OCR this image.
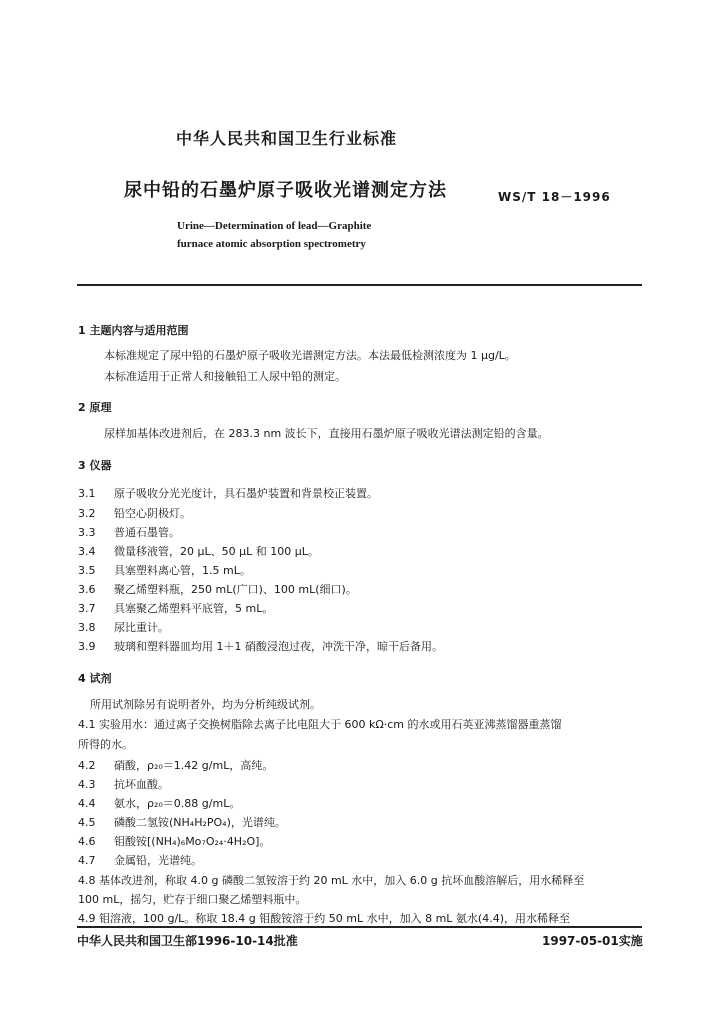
中华人民共和国卫生行业标准
尿中铅的石墨炉原子吸收光谱测定方法	WS/T 18－1996
Urine—Determination of lead—Graphite
furnace atomic absorption spectrometry
1 主题内容与适用范围
本标准规定了尿中铅的石墨炉原子吸收光谱测定方法。本法最低检测浓度为 1 μg/L。
本标准适用于正常人和接触铅工人尿中铅的测定。
2 原理
尿样加基体改进剂后，在 283.3 nm 波长下，直接用石墨炉原子吸收光谱法测定铅的含量。
3 仪器
3.1 原子吸收分光光度计，具石墨炉装置和背景校正装置。
3.2 铅空心阴极灯。
3.3 普通石墨管。
3.4 微量移液管，20 μL、50 μL 和 100 μL。
3.5 具塞塑料离心管，1.5 mL。
3.6 聚乙烯塑料瓶，250 mL(广口)、100 mL(细口)。
3.7 具塞聚乙烯塑料平底管，5 mL。
3.8 尿比重计。
3.9 玻璃和塑料器皿均用 1＋1 硝酸浸泡过夜，冲洗干净，晾干后备用。
4 试剂
所用试剂除另有说明者外，均为分析纯级试剂。
4.1 实验用水：通过离子交换树脂除去离子比电阻大于 600 kΩ·cm 的水或用石英亚沸蒸馏器重蒸馏
所得的水。
4.2 硝酸，ρ₂₀＝1.42 g/mL，高纯。
4.3 抗坏血酸。
4.4 氨水，ρ₂₀＝0.88 g/mL。
4.5 磷酸二氢铵(NH₄H₂PO₄)，光谱纯。
4.6 钼酸铵[(NH₄)₆Mo₇O₂₄·4H₂O]。
4.7 金属铅，光谱纯。
4.8 基体改进剂，称取 4.0 g 磷酸二氢铵溶于约 20 mL 水中，加入 6.0 g 抗坏血酸溶解后，用水稀释至
100 mL，摇匀，贮存于细口聚乙烯塑料瓶中。
4.9 钼溶液，100 g/L。称取 18.4 g 钼酸铵溶于约 50 mL 水中，加入 8 mL 氨水(4.4)，用水稀释至
中华人民共和国卫生部1996-10-14批准	1997-05-01实施
